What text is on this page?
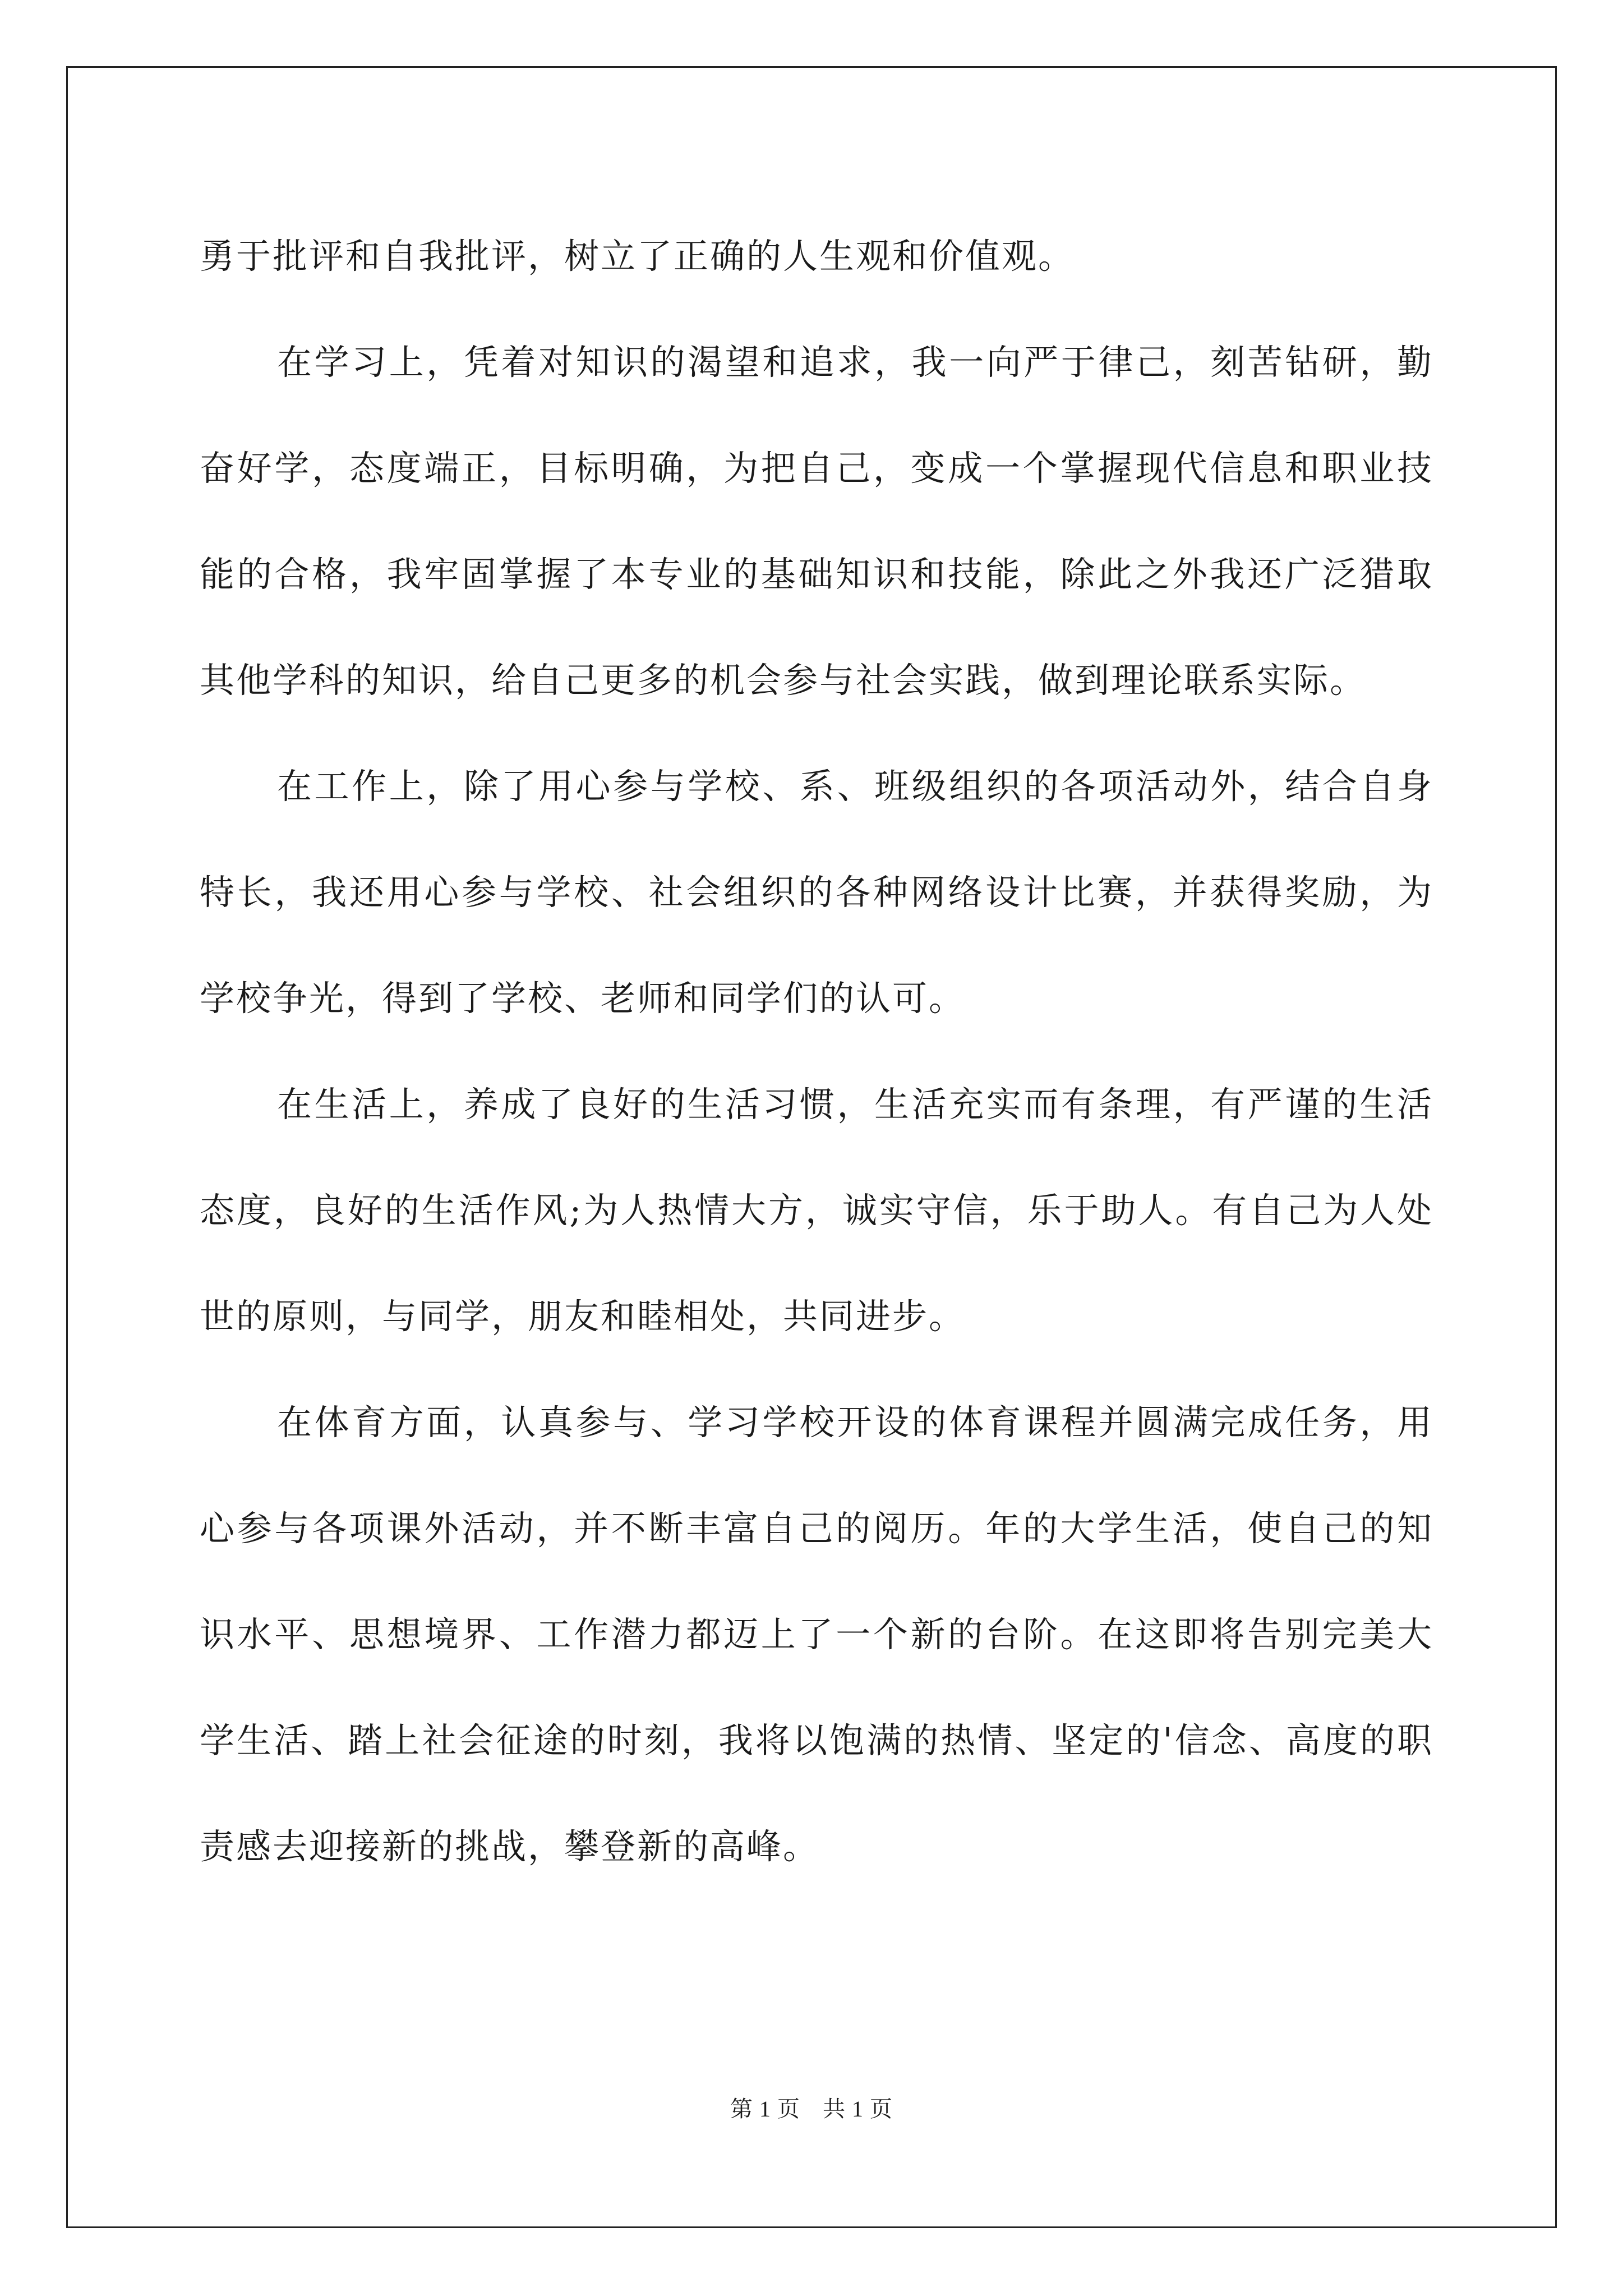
勇于批评和自我批评，树立了正确的人生观和价值观。

在学习上，凭着对知识的渴望和追求，我一向严于律己，刻苦钻研，勤奋好学，态度端正，目标明确，为把自己，变成一个掌握现代信息和职业技能的合格，我牢固掌握了本专业的基础知识和技能，除此之外我还广泛猎取其他学科的知识，给自己更多的机会参与社会实践，做到理论联系实际。

在工作上，除了用心参与学校、系、班级组织的各项活动外，结合自身特长，我还用心参与学校、社会组织的各种网络设计比赛，并获得奖励，为学校争光，得到了学校、老师和同学们的认可。

在生活上，养成了良好的生活习惯，生活充实而有条理，有严谨的生活态度，良好的生活作风;为人热情大方，诚实守信，乐于助人。有自己为人处世的原则，与同学，朋友和睦相处，共同进步。

在体育方面，认真参与、学习学校开设的体育课程并圆满完成任务，用心参与各项课外活动，并不断丰富自己的阅历。年的大学生活，使自己的知识水平、思想境界、工作潜力都迈上了一个新的台阶。在这即将告别完美大学生活、踏上社会征途的时刻，我将以饱满的热情、坚定的'信念、高度的职责感去迎接新的挑战，攀登新的高峰。

第 1 页 共 1 页
